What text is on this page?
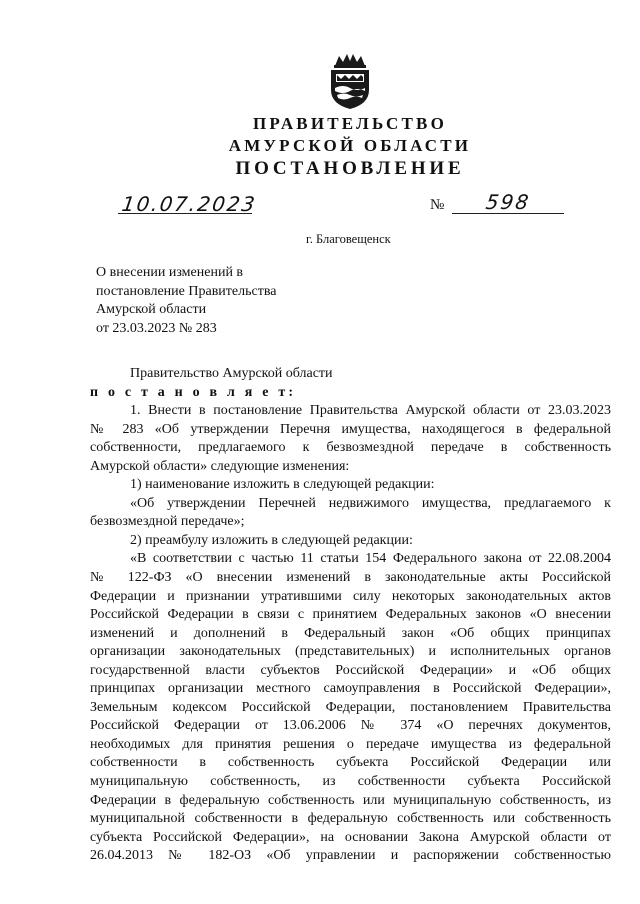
ПРАВИТЕЛЬСТВО
АМУРСКОЙ ОБЛАСТИ
ПОСТАНОВЛЕНИЕ
10.07.2023	№ 598
г. Благовещенск
О внесении изменений в
постановление Правительства
Амурской области
от 23.03.2023 № 283
Правительство Амурской области
п о с т а н о в л я е т:
1. Внести в постановление Правительства Амурской области от 23.03.2023
№ 283 «Об утверждении Перечня имущества, находящегося в федеральной
собственности, предлагаемого к безвозмездной передаче в собственность
Амурской области» следующие изменения:
1) наименование изложить в следующей редакции:
«Об утверждении Перечней недвижимого имущества, предлагаемого к
безвозмездной передаче»;
2) преамбулу изложить в следующей редакции:
«В соответствии с частью 11 статьи 154 Федерального закона от 22.08.2004
№ 122-ФЗ «О внесении изменений в законодательные акты Российской
Федерации и признании утратившими силу некоторых законодательных актов
Российской Федерации в связи с принятием Федеральных законов «О внесении
изменений и дополнений в Федеральный закон «Об общих принципах
организации законодательных (представительных) и исполнительных органов
государственной власти субъектов Российской Федерации» и «Об общих
принципах организации местного самоуправления в Российской Федерации»,
Земельным кодексом Российской Федерации, постановлением Правительства
Российской Федерации от 13.06.2006 № 374 «О перечнях документов,
необходимых для принятия решения о передаче имущества из федеральной
собственности в собственность субъекта Российской Федерации или
муниципальную собственность, из собственности субъекта Российской
Федерации в федеральную собственность или муниципальную собственность, из
муниципальной собственности в федеральную собственность или собственность
субъекта Российской Федерации», на основании Закона Амурской области от
26.04.2013 № 182-ОЗ «Об управлении и распоряжении собственностью
